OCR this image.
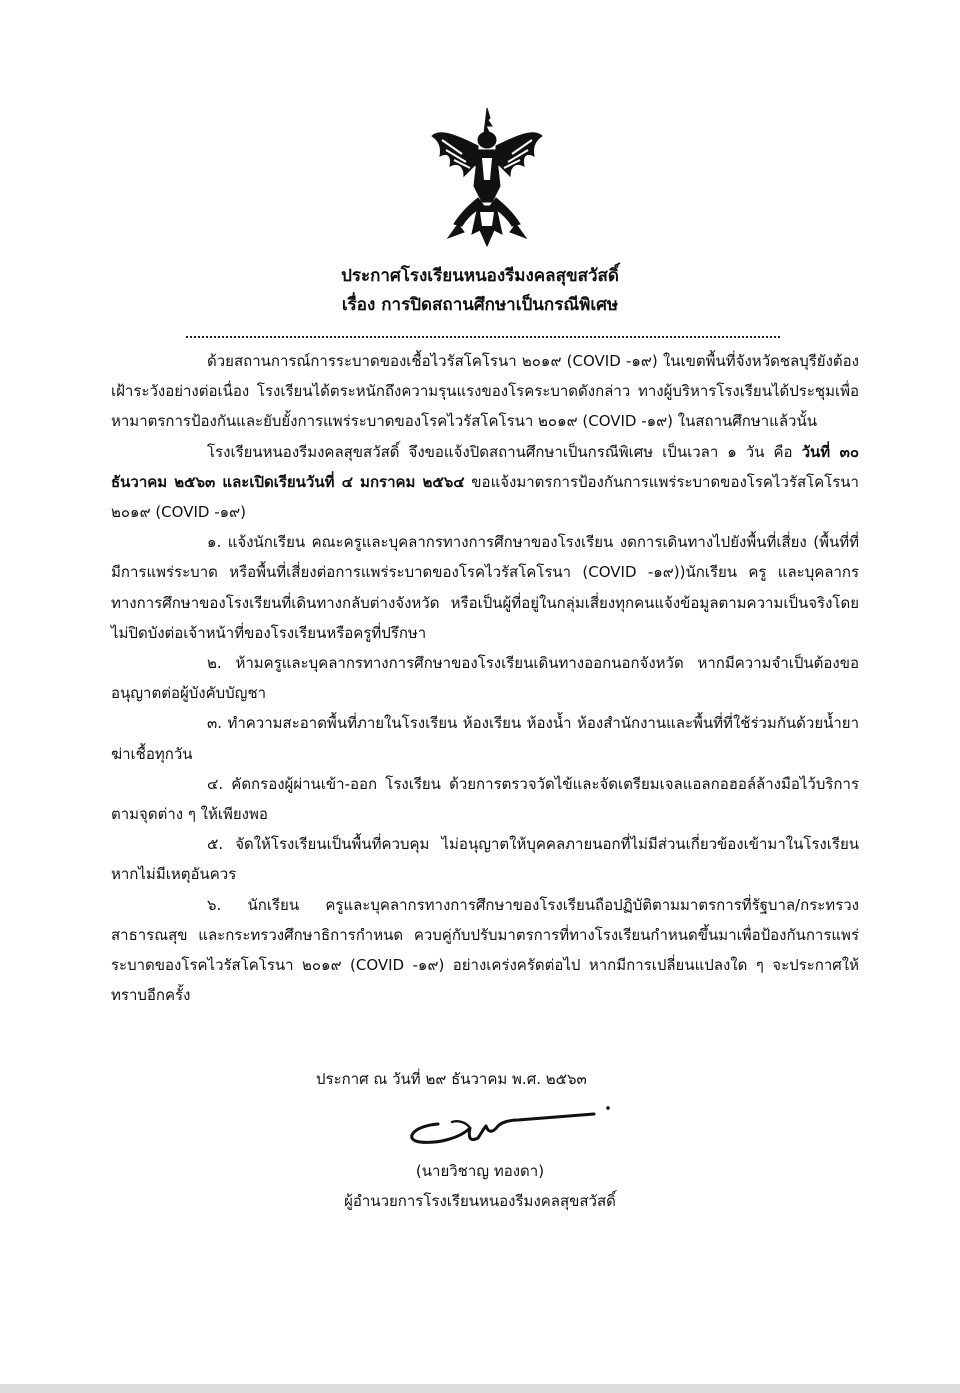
ประกาศโรงเรียนหนองรีมงคลสุขสวัสดิ์
เรื่อง การปิดสถานศึกษาเป็นกรณีพิเศษ

ด้วยสถานการณ์การระบาดของเชื้อไวรัสโคโรนา ๒๐๑๙ (COVID -๑๙) ในเขตพื้นที่จังหวัดชลบุรียังต้องเฝ้าระวังอย่างต่อเนื่อง โรงเรียนได้ตระหนักถึงความรุนแรงของโรคระบาดดังกล่าว ทางผู้บริหารโรงเรียนได้ประชุมเพื่อหามาตรการป้องกันและยับยั้งการแพร่ระบาดของโรคไวรัสโคโรนา ๒๐๑๙ (COVID -๑๙) ในสถานศึกษาแล้วนั้น

โรงเรียนหนองรีมงคลสุขสวัสดิ์ จึงขอแจ้งปิดสถานศึกษาเป็นกรณีพิเศษ เป็นเวลา ๑ วัน คือ วันที่ ๓๐ ธันวาคม ๒๕๖๓ และเปิดเรียนวันที่ ๔ มกราคม ๒๕๖๔ ขอแจ้งมาตรการป้องกันการแพร่ระบาดของโรคไวรัสโคโรนา ๒๐๑๙ (COVID -๑๙)

๑. แจ้งนักเรียน คณะครูและบุคลากรทางการศึกษาของโรงเรียน งดการเดินทางไปยังพื้นที่เสี่ยง (พื้นที่ที่มีการแพร่ระบาด หรือพื้นที่เสี่ยงต่อการแพร่ระบาดของโรคไวรัสโคโรนา (COVID -๑๙))นักเรียน ครู และบุคลากรทางการศึกษาของโรงเรียนที่เดินทางกลับต่างจังหวัด หรือเป็นผู้ที่อยู่ในกลุ่มเสี่ยงทุกคนแจ้งข้อมูลตามความเป็นจริงโดยไม่ปิดบังต่อเจ้าหน้าที่ของโรงเรียนหรือครูที่ปรึกษา

๒. ห้ามครูและบุคลากรทางการศึกษาของโรงเรียนเดินทางออกนอกจังหวัด หากมีความจำเป็นต้องขออนุญาตต่อผู้บังคับบัญชา

๓. ทำความสะอาดพื้นที่ภายในโรงเรียน ห้องเรียน ห้องน้ำ ห้องสำนักงานและพื้นที่ที่ใช้ร่วมกันด้วยน้ำยาฆ่าเชื้อทุกวัน

๔. คัดกรองผู้ผ่านเข้า-ออก โรงเรียน ด้วยการตรวจวัดไข้และจัดเตรียมเจลแอลกอฮอล์ล้างมือไว้บริการตามจุดต่าง ๆ ให้เพียงพอ

๕. จัดให้โรงเรียนเป็นพื้นที่ควบคุม ไม่อนุญาตให้บุคคลภายนอกที่ไม่มีส่วนเกี่ยวข้องเข้ามาในโรงเรียนหากไม่มีเหตุอันควร

๖. นักเรียน ครูและบุคลากรทางการศึกษาของโรงเรียนถือปฏิบัติตามมาตรการที่รัฐบาล/กระทรวงสาธารณสุข และกระทรวงศึกษาธิการกำหนด ควบคู่กับปรับมาตรการที่ทางโรงเรียนกำหนดขึ้นมาเพื่อป้องกันการแพร่ระบาดของโรคไวรัสโคโรนา ๒๐๑๙ (COVID -๑๙) อย่างเคร่งครัดต่อไป หากมีการเปลี่ยนแปลงใด ๆ จะประกาศให้ทราบอีกครั้ง

ประกาศ ณ วันที่ ๒๙ ธันวาคม พ.ศ. ๒๕๖๓
(นายวิชาญ ทองดา)
ผู้อำนวยการโรงเรียนหนองรีมงคลสุขสวัสดิ์
